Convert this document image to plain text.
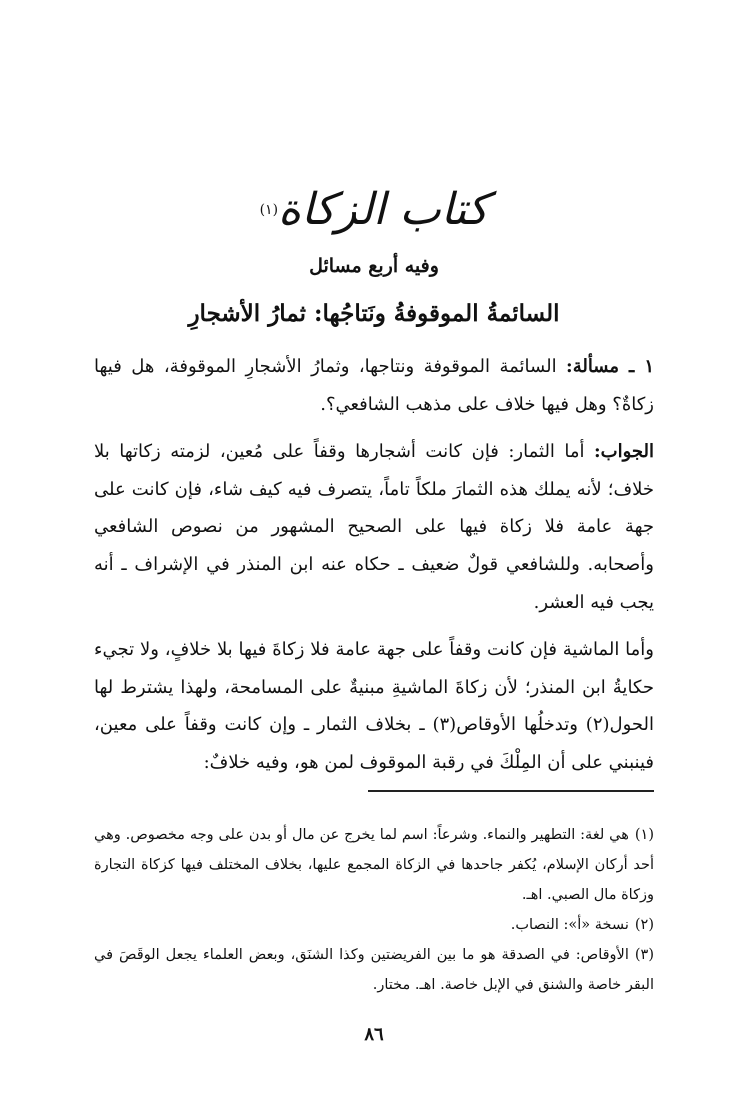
كتاب الزكاة$^{(١)}$
وفيه أربع مسائل
السائمةُ الموقوفةُ ونَتاجُها: ثمارُ الأشجارِ

١ ـ مسألة: السائمة الموقوفة ونتاجها، وثمارُ الأشجارِ الموقوفة، هل فيها زكاةٌ؟ وهل فيها خلاف على مذهب الشافعي؟.

الجواب: أما الثمار: فإن كانت أشجارها وقفاً على مُعين، لزمته زكاتها بلا خلاف؛ لأنه يملك هذه الثمارَ ملكاً تاماً، يتصرف فيه كيف شاء، فإن كانت على جهة عامة فلا زكاة فيها على الصحيح المشهور من نصوص الشافعي وأصحابه. وللشافعي قولٌ ضعيف ـ حكاه عنه ابن المنذر في الإشراف ـ أنه يجب فيه العشر.

وأما الماشية فإن كانت وقفاً على جهة عامة فلا زكاةَ فيها بلا خلافٍ، ولا تجيء حكايةُ ابن المنذر؛ لأن زكاةَ الماشيةِ مبنيةٌ على المسامحة، ولهذا يشترط لها الحول(٢) وتدخلُها الأوقاص(٣) ـ بخلاف الثمار ـ وإن كانت وقفاً على معين، فينبني على أن المِلْكَ في رقبة الموقوف لمن هو، وفيه خلافٌ:

(١)هي لغة: التطهير والنماء. وشرعاً: اسم لما يخرج عن مال أو بدن على وجه مخصوص. وهي أحد أركان الإسلام، يُكفر جاحدها في الزكاة المجمع عليها، بخلاف المختلف فيها كزكاة التجارة وزكاة مال الصبي. اهـ.

(٢)نسخة «أ»: النصاب.

(٣)الأوقاص: في الصدقة هو ما بين الفريضتين وكذا الشنَق، وبعض العلماء يجعل الوقَصَ في البقر خاصة والشنق في الإبل خاصة. اهـ. مختار.

٨٦
